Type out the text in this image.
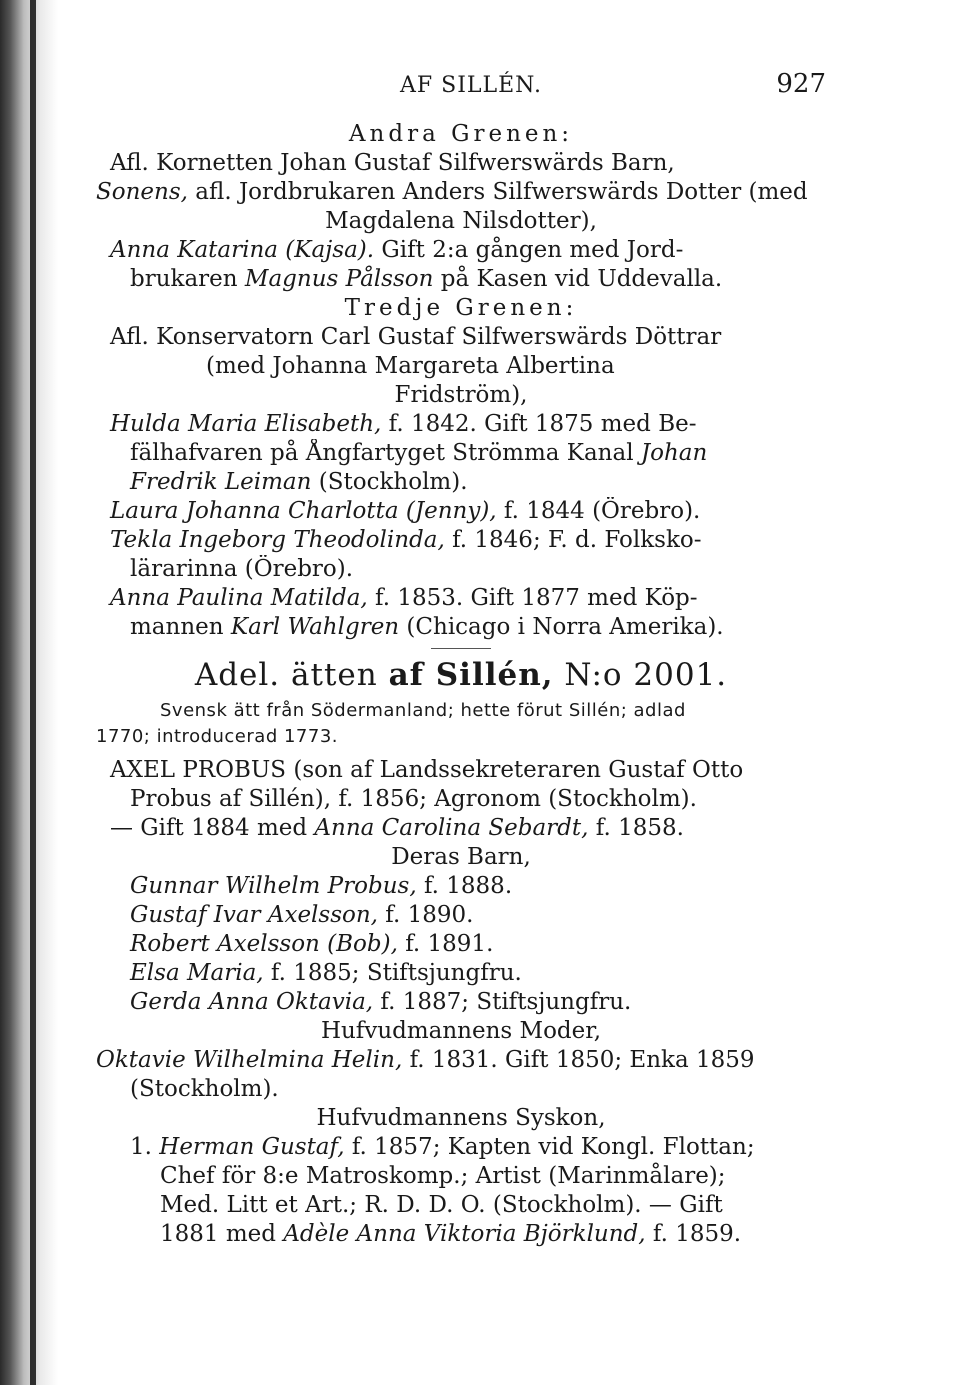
AF SILLÉN.	927
Andra Grenen:
Afl. Kornetten Johan Gustaf Silfwerswärds Barn,
Sonens, afl. Jordbrukaren Anders Silfwerswärds Dotter (med
Magdalena Nilsdotter),
Anna Katarina (Kajsa). Gift 2:a gången med Jord-
brukaren Magnus Pålsson på Kasen vid Uddevalla.
Tredje Grenen:
Afl. Konservatorn Carl Gustaf Silfwerswärds Döttrar
(med Johanna Margareta Albertina
Fridström),
Hulda Maria Elisabeth, f. 1842. Gift 1875 med Be-
fälhafvaren på Ångfartyget Strömma Kanal Johan
Fredrik Leiman (Stockholm).
Laura Johanna Charlotta (Jenny), f. 1844 (Örebro).
Tekla Ingeborg Theodolinda, f. 1846; F. d. Folksko-
lärarinna (Örebro).
Anna Paulina Matilda, f. 1853. Gift 1877 med Köp-
mannen Karl Wahlgren (Chicago i Norra Amerika).
Adel. ätten af Sillén, N:o 2001.
Svensk ätt från Södermanland; hette förut Sillén; adlad
1770; introducerad 1773.
AXEL PROBUS (son af Landssekreteraren Gustaf Otto
Probus af Sillén), f. 1856; Agronom (Stockholm).
— Gift 1884 med Anna Carolina Sebardt, f. 1858.
Deras Barn,
Gunnar Wilhelm Probus, f. 1888.
Gustaf Ivar Axelsson, f. 1890.
Robert Axelsson (Bob), f. 1891.
Elsa Maria, f. 1885; Stiftsjungfru.
Gerda Anna Oktavia, f. 1887; Stiftsjungfru.
Hufvudmannens Moder,
Oktavie Wilhelmina Helin, f. 1831. Gift 1850; Enka 1859
(Stockholm).
Hufvudmannens Syskon,
1. Herman Gustaf, f. 1857; Kapten vid Kongl. Flottan;
Chef för 8:e Matroskomp.; Artist (Marinmålare);
Med. Litt et Art.; R. D. D. O. (Stockholm). — Gift
1881 med Adèle Anna Viktoria Björklund, f. 1859.
